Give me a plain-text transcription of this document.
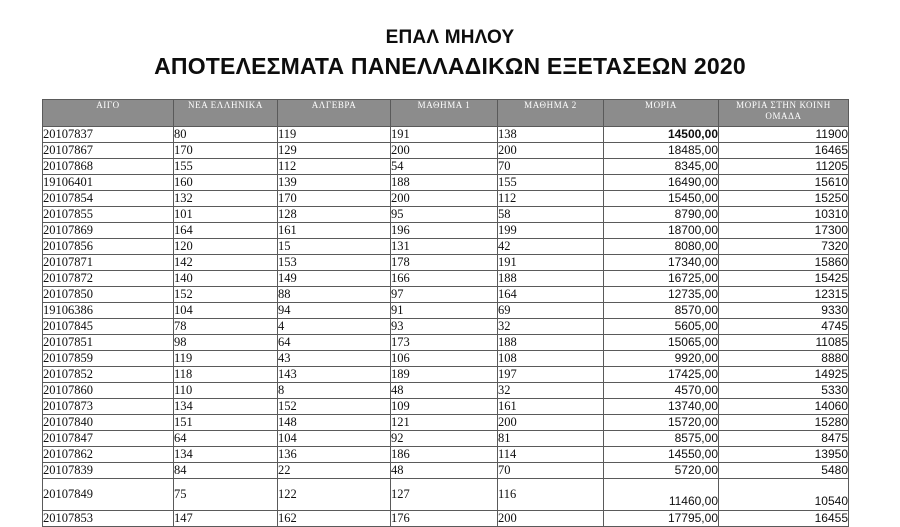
ΕΠΑΛ ΜΗΛΟΥ
ΑΠΟΤΕΛΕΣΜΑΤΑ ΠΑΝΕΛΛΑΔΙΚΩΝ ΕΞΕΤΑΣΕΩΝ 2020
ΑΙΓΟ	ΝΕΑ ΕΛΛΗΝΙΚΑ	ΑΛΓΕΒΡΑ	ΜΑΘΗΜΑ 1	ΜΑΘΗΜΑ 2	ΜΟΡΙΑ	ΜΟΡΙΑ ΣΤΗΝ ΚΟΙΝΗ ΟΜΑΔΑ
20107837	80	119	191	138	14500,00	11900
20107867	170	129	200	200	18485,00	16465
20107868	155	112	54	70	8345,00	11205
19106401	160	139	188	155	16490,00	15610
20107854	132	170	200	112	15450,00	15250
20107855	101	128	95	58	8790,00	10310
20107869	164	161	196	199	18700,00	17300
20107856	120	15	131	42	8080,00	7320
20107871	142	153	178	191	17340,00	15860
20107872	140	149	166	188	16725,00	15425
20107850	152	88	97	164	12735,00	12315
19106386	104	94	91	69	8570,00	9330
20107845	78	4	93	32	5605,00	4745
20107851	98	64	173	188	15065,00	11085
20107859	119	43	106	108	9920,00	8880
20107852	118	143	189	197	17425,00	14925
20107860	110	8	48	32	4570,00	5330
20107873	134	152	109	161	13740,00	14060
20107840	151	148	121	200	15720,00	15280
20107847	64	104	92	81	8575,00	8475
20107862	134	136	186	114	14550,00	13950
20107839	84	22	48	70	5720,00	5480
20107849	75	122	127	116	11460,00	10540
20107853	147	162	176	200	17795,00	16455
